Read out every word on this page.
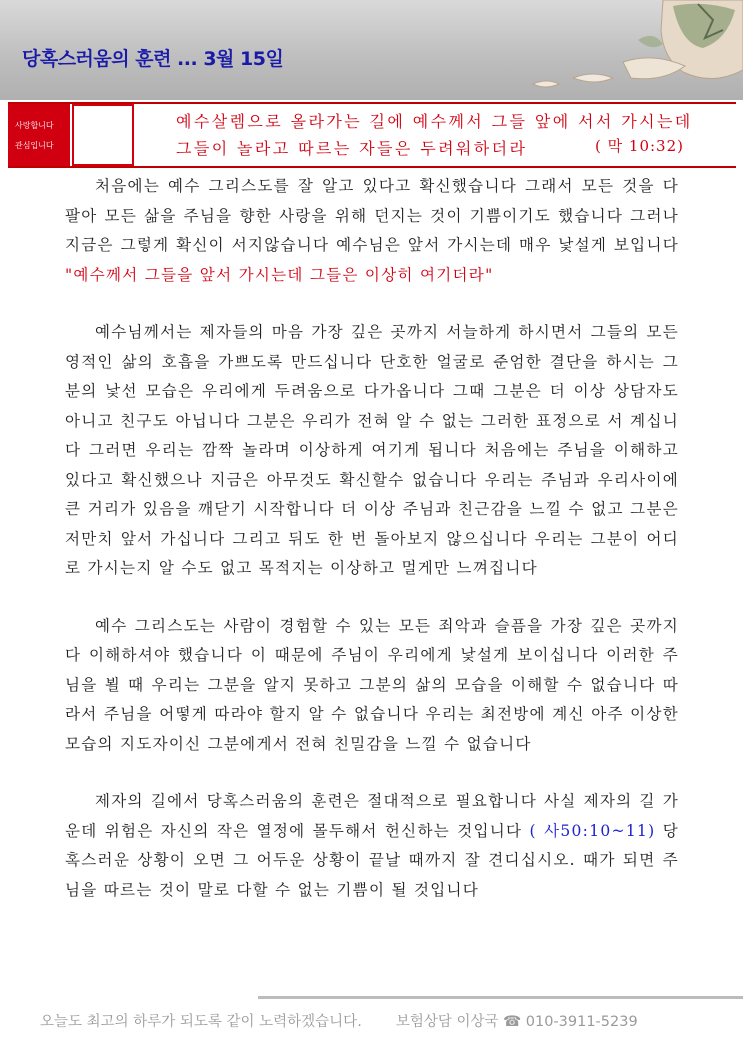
당혹스러움의 훈련 ... 3월 15일
사랑합니다
관심입니다
예수살렘으로 올라가는 길에 예수께서 그들 앞에 서서 가시는데 그들이 놀라고 따르는 자들은 두려워하더라	( 막 10:32)

처음에는 예수 그리스도를 잘 알고 있다고 확신했습니다 그래서 모든 것을 다 팔아 모든 삶을 주님을 향한 사랑을 위해 던지는 것이 기쁨이기도 했습니다 그러나 지금은 그렇게 확신이 서지않습니다 예수님은 앞서 가시는데 매우 낯설게 보입니다 "예수께서 그들을 앞서 가시는데 그들은 이상히 여기더라"

예수님께서는 제자들의 마음 가장 깊은 곳까지 서늘하게 하시면서 그들의 모든 영적인 삶의 호흡을 가쁘도록 만드십니다 단호한 얼굴로 준엄한 결단을 하시는 그분의 낯선 모습은 우리에게 두려움으로 다가옵니다 그때 그분은 더 이상 상담자도 아니고 친구도 아닙니다 그분은 우리가 전혀 알 수 없는 그러한 표정으로 서 계십니다 그러면 우리는 깜짝 놀라며 이상하게 여기게 됩니다 처음에는 주님을 이해하고 있다고 확신했으나 지금은 아무것도 확신할수 없습니다 우리는 주님과 우리사이에 큰 거리가 있음을 깨닫기 시작합니다 더 이상 주님과 친근감을 느낄 수 없고 그분은 저만치 앞서 가십니다 그리고 뒤도 한 번 돌아보지 않으십니다 우리는 그분이 어디로 가시는지 알 수도 없고 목적지는 이상하고 멀게만 느껴집니다

예수 그리스도는 사람이 경험할 수 있는 모든 죄악과 슬픔을 가장 깊은 곳까지 다 이해하셔야 했습니다 이 때문에 주님이 우리에게 낯설게 보이십니다 이러한 주님을 뵐 때 우리는 그분을 알지 못하고 그분의 삶의 모습을 이해할 수 없습니다 따라서 주님을 어떻게 따라야 할지 알 수 없습니다 우리는 최전방에 계신 아주 이상한 모습의 지도자이신 그분에게서 전혀 친밀감을 느낄 수 없습니다

제자의 길에서 당혹스러움의 훈련은 절대적으로 필요합니다 사실 제자의 길 가운데 위험은 자신의 작은 열정에 몰두해서 헌신하는 것입니다 ( 사50:10~11) 당혹스러운 상황이 오면 그 어두운 상황이 끝날 때까지 잘 견디십시오. 때가 되면 주님을 따르는 것이 말로 다할 수 없는 기쁨이 될 것입니다

오늘도 최고의 하루가 되도록 같이 노력하겠습니다. 보험상담 이상국 ☎ 010-3911-5239
